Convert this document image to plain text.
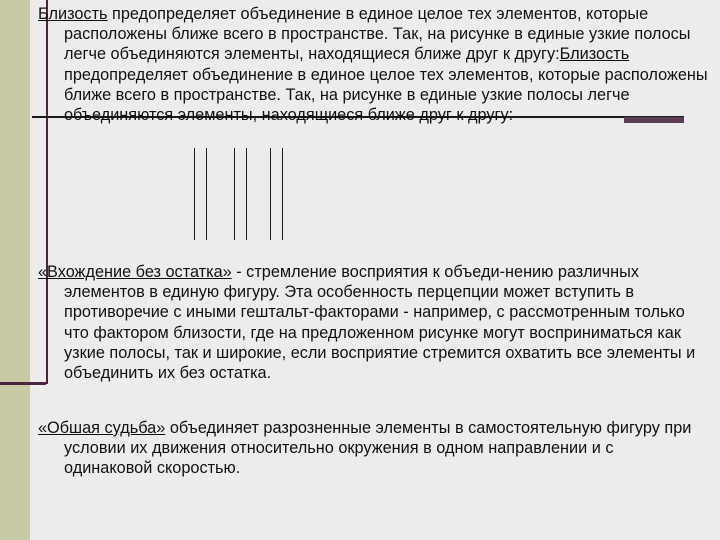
Близость предопределяет объединение в единое целое тех элементов, которые расположены ближе всего в пространстве. Так, на рисунке в единые узкие полосы легче объединяются элементы, находящиеся ближе друг к другу:Близость предопределяет объединение в единое целое тех элементов, которые расположены ближе всего в пространстве. Так, на рисунке в единые узкие полосы легче объединяются элементы, находящиеся ближе друг к другу:

«Вхождение без остатка» - стремление восприятия к объеди-нению различных элементов в единую фигуру. Эта особенность перцепции может вступить в противоречие с иными гештальт-факторами - например, с рассмотренным только что фактором близости, где на предложенном рисунке могут восприниматься как узкие полосы, так и широкие, если восприятие стремится охватить все элементы и объединить их без остатка.

«Обшая судьба» объединяет разрозненные элементы в самостоятельную фигуру при условии их движения относительно окружения в одном направлении и с одинаковой скоростью.
